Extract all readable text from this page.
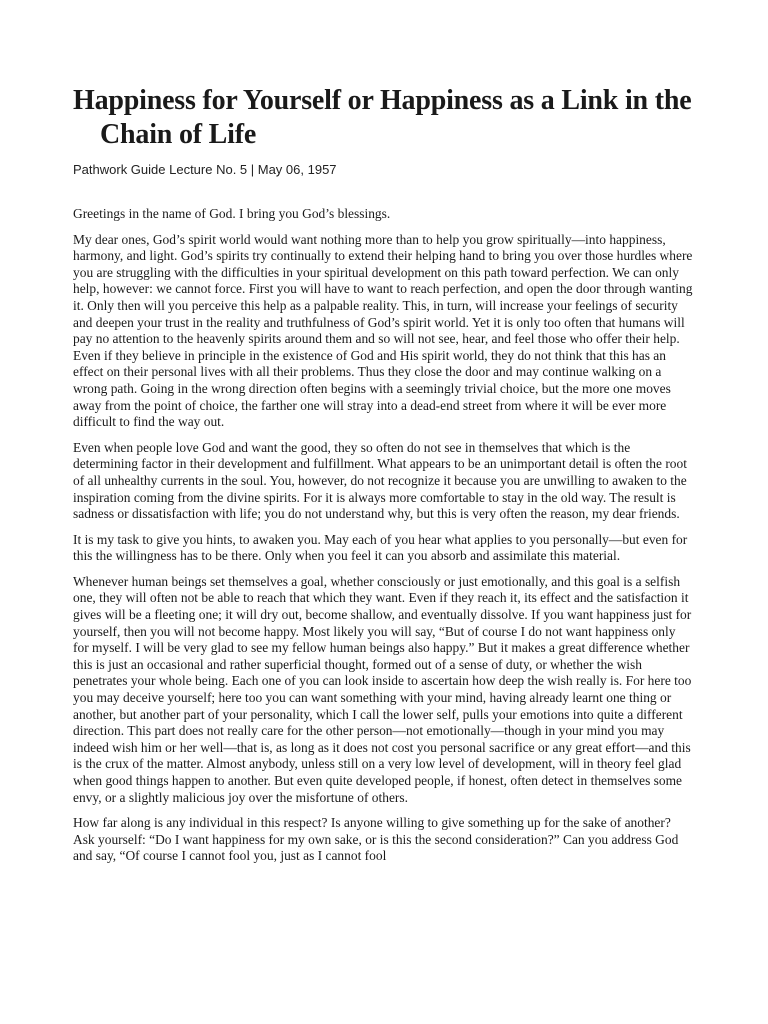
Happiness for Yourself or Happiness as a Link in the Chain of Life
Pathwork Guide Lecture No. 5 | May 06, 1957

Greetings in the name of God. I bring you God’s blessings.

My dear ones, God’s spirit world would want nothing more than to help you grow spiritually—into happiness, harmony, and light. God’s spirits try continually to extend their helping hand to bring you over those hurdles where you are struggling with the difficulties in your spiritual development on this path toward perfection. We can only help, however: we cannot force. First you will have to want to reach perfection, and open the door through wanting it. Only then will you perceive this help as a palpable reality. This, in turn, will increase your feelings of security and deepen your trust in the reality and truthfulness of God’s spirit world. Yet it is only too often that humans will pay no attention to the heavenly spirits around them and so will not see, hear, and feel those who offer their help. Even if they believe in principle in the existence of God and His spirit world, they do not think that this has an effect on their personal lives with all their problems. Thus they close the door and may continue walking on a wrong path. Going in the wrong direction often begins with a seemingly trivial choice, but the more one moves away from the point of choice, the farther one will stray into a dead-end street from where it will be ever more difficult to find the way out.

Even when people love God and want the good, they so often do not see in themselves that which is the determining factor in their development and fulfillment. What appears to be an unimportant detail is often the root of all unhealthy currents in the soul. You, however, do not recognize it because you are unwilling to awaken to the inspiration coming from the divine spirits. For it is always more comfortable to stay in the old way. The result is sadness or dissatisfaction with life; you do not understand why, but this is very often the reason, my dear friends.

It is my task to give you hints, to awaken you. May each of you hear what applies to you personally—but even for this the willingness has to be there. Only when you feel it can you absorb and assimilate this material.

Whenever human beings set themselves a goal, whether consciously or just emotionally, and this goal is a selfish one, they will often not be able to reach that which they want. Even if they reach it, its effect and the satisfaction it gives will be a fleeting one; it will dry out, become shallow, and eventually dissolve. If you want happiness just for yourself, then you will not become happy. Most likely you will say, “But of course I do not want happiness only for myself. I will be very glad to see my fellow human beings also happy.” But it makes a great difference whether this is just an occasional and rather superficial thought, formed out of a sense of duty, or whether the wish penetrates your whole being. Each one of you can look inside to ascertain how deep the wish really is. For here too you may deceive yourself; here too you can want something with your mind, having already learnt one thing or another, but another part of your personality, which I call the lower self, pulls your emotions into quite a different direction. This part does not really care for the other person—not emotionally—though in your mind you may indeed wish him or her well—that is, as long as it does not cost you personal sacrifice or any great effort—and this is the crux of the matter. Almost anybody, unless still on a very low level of development, will in theory feel glad when good things happen to another. But even quite developed people, if honest, often detect in themselves some envy, or a slightly malicious joy over the misfortune of others.

How far along is any individual in this respect? Is anyone willing to give something up for the sake of another? Ask yourself: “Do I want happiness for my own sake, or is this the second consideration?” Can you address God and say, “Of course I cannot fool you, just as I cannot fool
